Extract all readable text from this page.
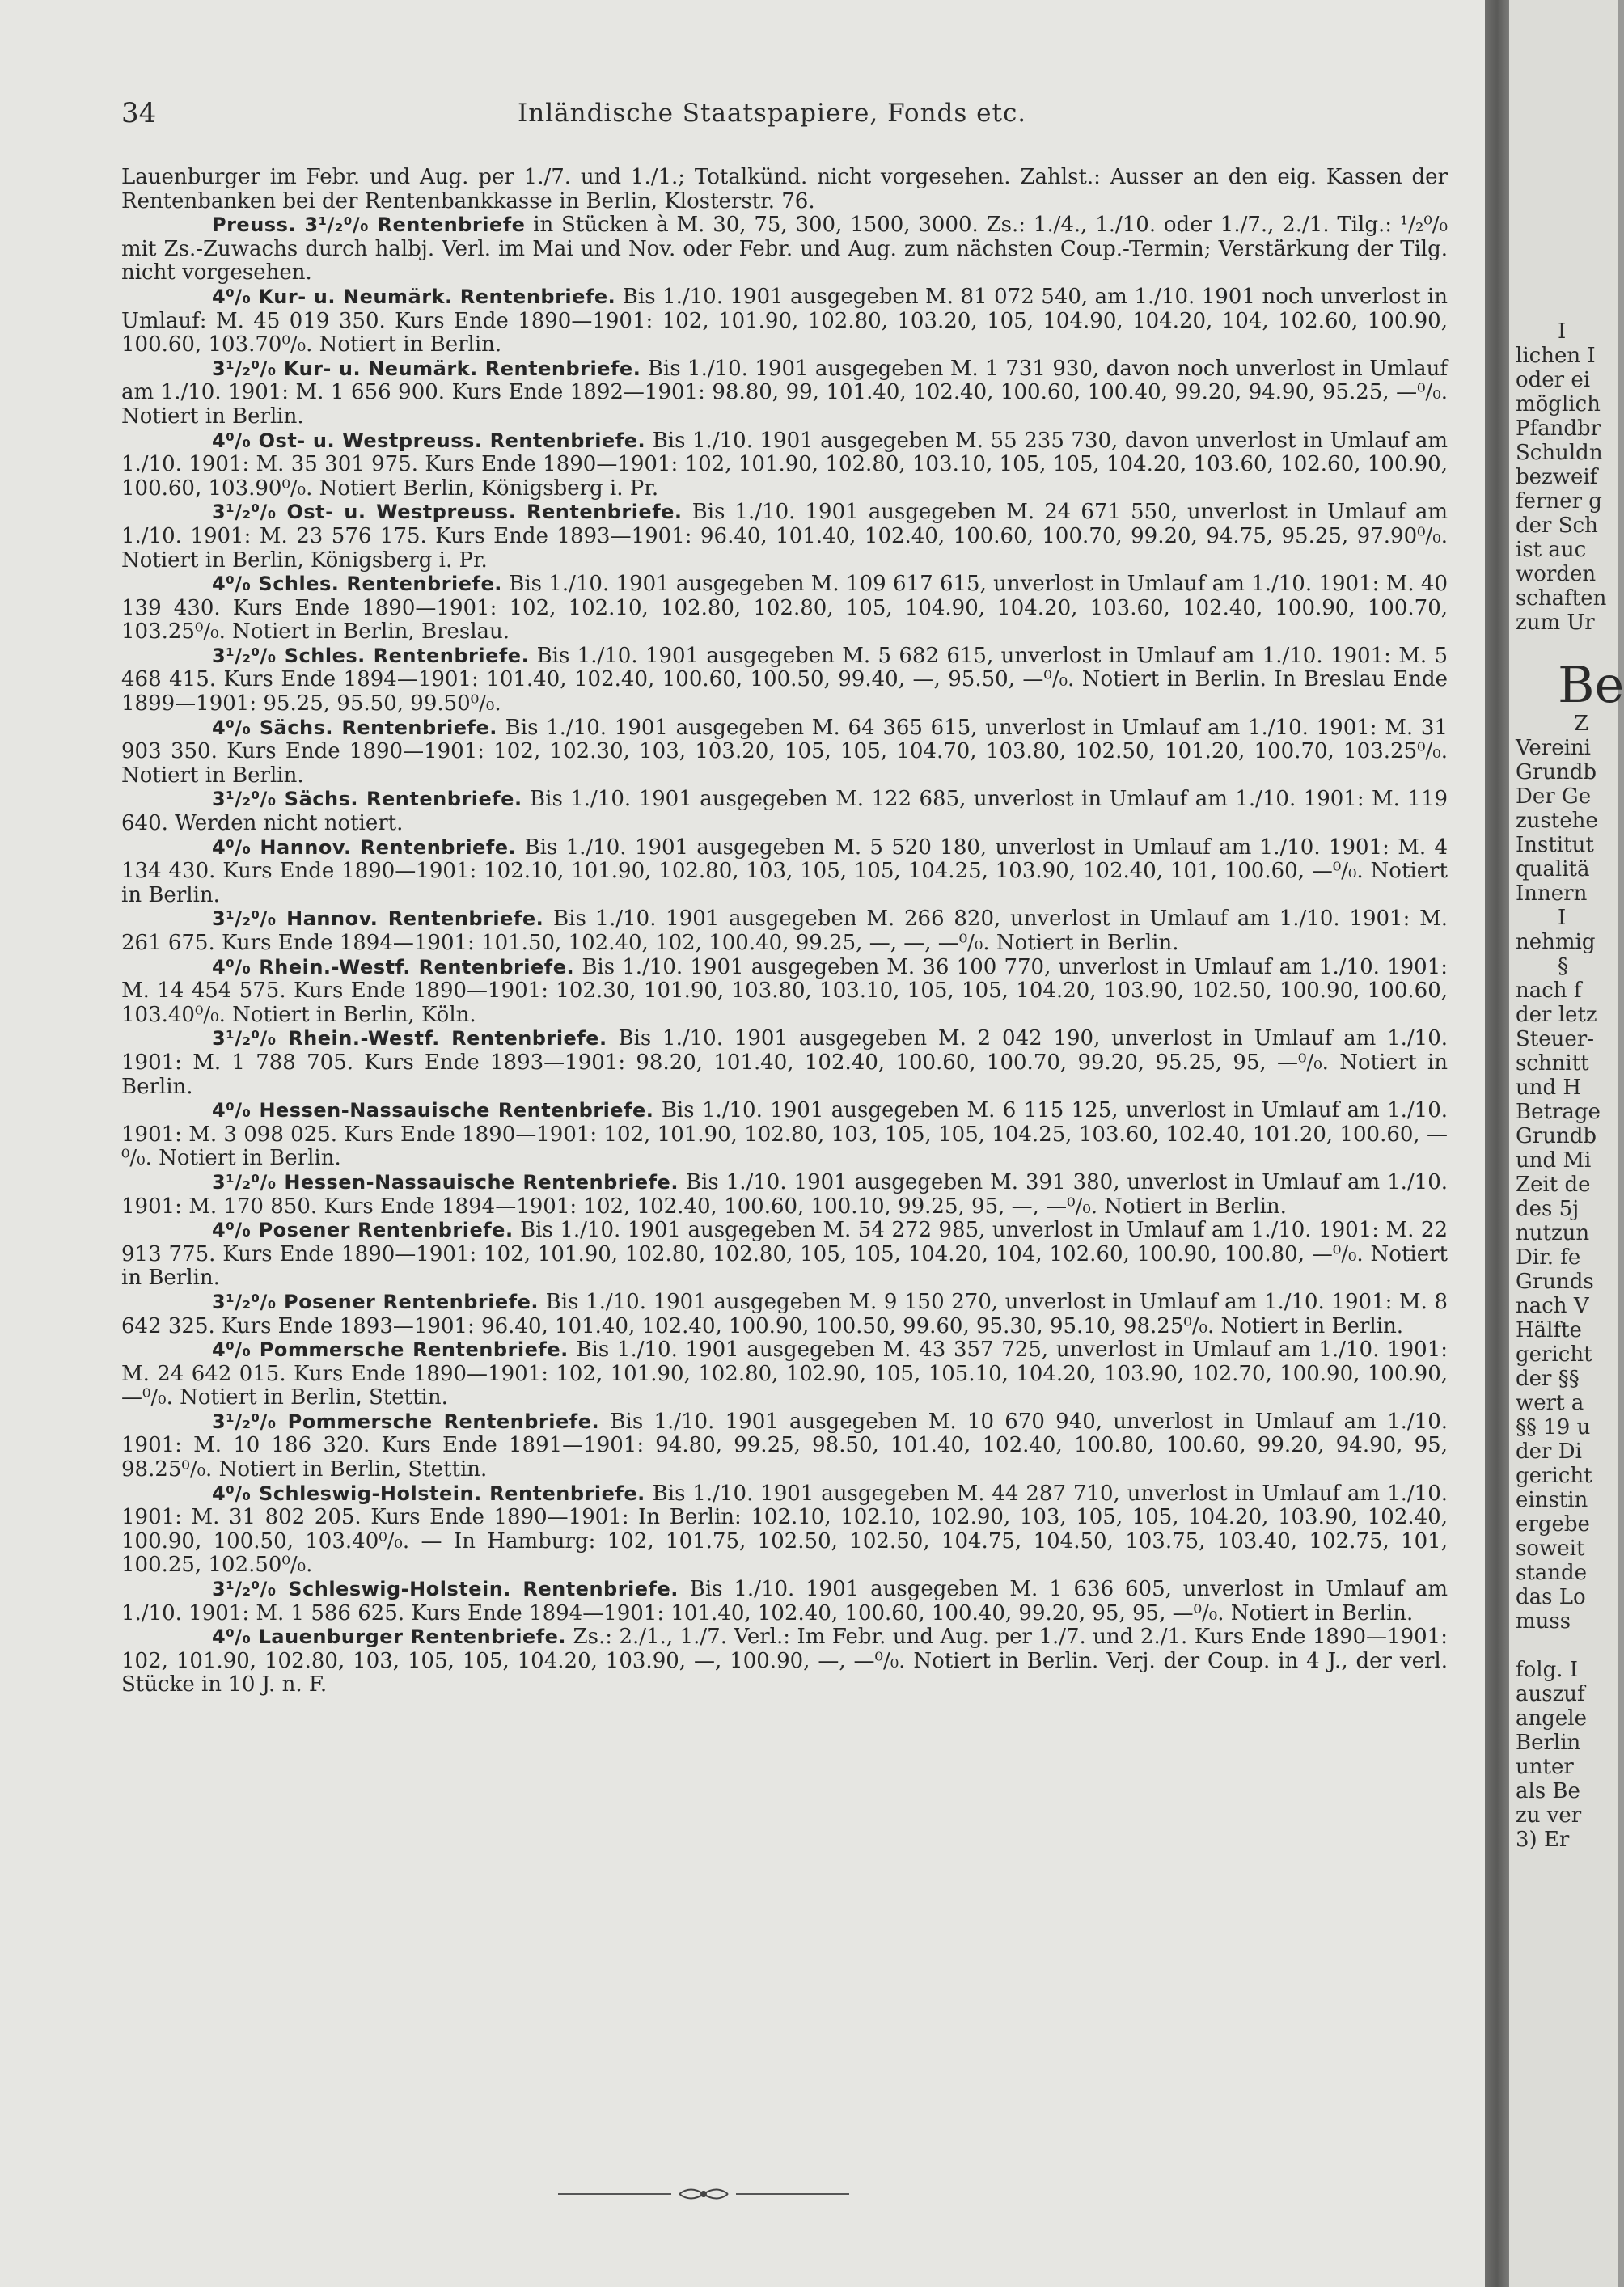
34	Inländische Staatspapiere, Fonds etc.

Lauenburger im Febr. und Aug. per 1./7. und 1./1.; Totalkünd. nicht vorgesehen. Zahlst.: Ausser an den eig. Kassen der Rentenbanken bei der Rentenbankkasse in Berlin, Klosterstr. 76.

Preuss. 3¹/₂⁰/₀ Rentenbriefe in Stücken à M. 30, 75, 300, 1500, 3000. Zs.: 1./4., 1./10. oder 1./7., 2./1. Tilg.: ¹/₂⁰/₀ mit Zs.-Zuwachs durch halbj. Verl. im Mai und Nov. oder Febr. und Aug. zum nächsten Coup.-Termin; Verstärkung der Tilg. nicht vorgesehen.

4⁰/₀ Kur- u. Neumärk. Rentenbriefe. Bis 1./10. 1901 ausgegeben M. 81 072 540, am 1./10. 1901 noch unverlost in Umlauf: M. 45 019 350. Kurs Ende 1890—1901: 102, 101.90, 102.80, 103.20, 105, 104.90, 104.20, 104, 102.60, 100.90, 100.60, 103.70⁰/₀. Notiert in Berlin.

3¹/₂⁰/₀ Kur- u. Neumärk. Rentenbriefe. Bis 1./10. 1901 ausgegeben M. 1 731 930, davon noch unverlost in Umlauf am 1./10. 1901: M. 1 656 900. Kurs Ende 1892—1901: 98.80, 99, 101.40, 102.40, 100.60, 100.40, 99.20, 94.90, 95.25, —⁰/₀. Notiert in Berlin.

4⁰/₀ Ost- u. Westpreuss. Rentenbriefe. Bis 1./10. 1901 ausgegeben M. 55 235 730, davon unverlost in Umlauf am 1./10. 1901: M. 35 301 975. Kurs Ende 1890—1901: 102, 101.90, 102.80, 103.10, 105, 105, 104.20, 103.60, 102.60, 100.90, 100.60, 103.90⁰/₀. Notiert Berlin, Königsberg i. Pr.

3¹/₂⁰/₀ Ost- u. Westpreuss. Rentenbriefe. Bis 1./10. 1901 ausgegeben M. 24 671 550, unverlost in Umlauf am 1./10. 1901: M. 23 576 175. Kurs Ende 1893—1901: 96.40, 101.40, 102.40, 100.60, 100.70, 99.20, 94.75, 95.25, 97.90⁰/₀. Notiert in Berlin, Königsberg i. Pr.

4⁰/₀ Schles. Rentenbriefe. Bis 1./10. 1901 ausgegeben M. 109 617 615, unverlost in Umlauf am 1./10. 1901: M. 40 139 430. Kurs Ende 1890—1901: 102, 102.10, 102.80, 102.80, 105, 104.90, 104.20, 103.60, 102.40, 100.90, 100.70, 103.25⁰/₀. Notiert in Berlin, Breslau.

3¹/₂⁰/₀ Schles. Rentenbriefe. Bis 1./10. 1901 ausgegeben M. 5 682 615, unverlost in Umlauf am 1./10. 1901: M. 5 468 415. Kurs Ende 1894—1901: 101.40, 102.40, 100.60, 100.50, 99.40, —, 95.50, —⁰/₀. Notiert in Berlin. In Breslau Ende 1899—1901: 95.25, 95.50, 99.50⁰/₀.

4⁰/₀ Sächs. Rentenbriefe. Bis 1./10. 1901 ausgegeben M. 64 365 615, unverlost in Umlauf am 1./10. 1901: M. 31 903 350. Kurs Ende 1890—1901: 102, 102.30, 103, 103.20, 105, 105, 104.70, 103.80, 102.50, 101.20, 100.70, 103.25⁰/₀. Notiert in Berlin.

3¹/₂⁰/₀ Sächs. Rentenbriefe. Bis 1./10. 1901 ausgegeben M. 122 685, unverlost in Umlauf am 1./10. 1901: M. 119 640. Werden nicht notiert.

4⁰/₀ Hannov. Rentenbriefe. Bis 1./10. 1901 ausgegeben M. 5 520 180, unverlost in Umlauf am 1./10. 1901: M. 4 134 430. Kurs Ende 1890—1901: 102.10, 101.90, 102.80, 103, 105, 105, 104.25, 103.90, 102.40, 101, 100.60, —⁰/₀. Notiert in Berlin.

3¹/₂⁰/₀ Hannov. Rentenbriefe. Bis 1./10. 1901 ausgegeben M. 266 820, unverlost in Umlauf am 1./10. 1901: M. 261 675. Kurs Ende 1894—1901: 101.50, 102.40, 102, 100.40, 99.25, —, —, —⁰/₀. Notiert in Berlin.

4⁰/₀ Rhein.-Westf. Rentenbriefe. Bis 1./10. 1901 ausgegeben M. 36 100 770, unverlost in Umlauf am 1./10. 1901: M. 14 454 575. Kurs Ende 1890—1901: 102.30, 101.90, 103.80, 103.10, 105, 105, 104.20, 103.90, 102.50, 100.90, 100.60, 103.40⁰/₀. Notiert in Berlin, Köln.

3¹/₂⁰/₀ Rhein.-Westf. Rentenbriefe. Bis 1./10. 1901 ausgegeben M. 2 042 190, unverlost in Umlauf am 1./10. 1901: M. 1 788 705. Kurs Ende 1893—1901: 98.20, 101.40, 102.40, 100.60, 100.70, 99.20, 95.25, 95, —⁰/₀. Notiert in Berlin.

4⁰/₀ Hessen-Nassauische Rentenbriefe. Bis 1./10. 1901 ausgegeben M. 6 115 125, unverlost in Umlauf am 1./10. 1901: M. 3 098 025. Kurs Ende 1890—1901: 102, 101.90, 102.80, 103, 105, 105, 104.25, 103.60, 102.40, 101.20, 100.60, —⁰/₀. Notiert in Berlin.

3¹/₂⁰/₀ Hessen-Nassauische Rentenbriefe. Bis 1./10. 1901 ausgegeben M. 391 380, unverlost in Umlauf am 1./10. 1901: M. 170 850. Kurs Ende 1894—1901: 102, 102.40, 100.60, 100.10, 99.25, 95, —, —⁰/₀. Notiert in Berlin.

4⁰/₀ Posener Rentenbriefe. Bis 1./10. 1901 ausgegeben M. 54 272 985, unverlost in Umlauf am 1./10. 1901: M. 22 913 775. Kurs Ende 1890—1901: 102, 101.90, 102.80, 102.80, 105, 105, 104.20, 104, 102.60, 100.90, 100.80, —⁰/₀. Notiert in Berlin.

3¹/₂⁰/₀ Posener Rentenbriefe. Bis 1./10. 1901 ausgegeben M. 9 150 270, unverlost in Umlauf am 1./10. 1901: M. 8 642 325. Kurs Ende 1893—1901: 96.40, 101.40, 102.40, 100.90, 100.50, 99.60, 95.30, 95.10, 98.25⁰/₀. Notiert in Berlin.

4⁰/₀ Pommersche Rentenbriefe. Bis 1./10. 1901 ausgegeben M. 43 357 725, unverlost in Umlauf am 1./10. 1901: M. 24 642 015. Kurs Ende 1890—1901: 102, 101.90, 102.80, 102.90, 105, 105.10, 104.20, 103.90, 102.70, 100.90, 100.90, —⁰/₀. Notiert in Berlin, Stettin.

3¹/₂⁰/₀ Pommersche Rentenbriefe. Bis 1./10. 1901 ausgegeben M. 10 670 940, unverlost in Umlauf am 1./10. 1901: M. 10 186 320. Kurs Ende 1891—1901: 94.80, 99.25, 98.50, 101.40, 102.40, 100.80, 100.60, 99.20, 94.90, 95, 98.25⁰/₀. Notiert in Berlin, Stettin.

4⁰/₀ Schleswig-Holstein. Rentenbriefe. Bis 1./10. 1901 ausgegeben M. 44 287 710, unverlost in Umlauf am 1./10. 1901: M. 31 802 205. Kurs Ende 1890—1901: In Berlin: 102.10, 102.10, 102.90, 103, 105, 105, 104.20, 103.90, 102.40, 100.90, 100.50, 103.40⁰/₀. — In Hamburg: 102, 101.75, 102.50, 102.50, 104.75, 104.50, 103.75, 103.40, 102.75, 101, 100.25, 102.50⁰/₀.

3¹/₂⁰/₀ Schleswig-Holstein. Rentenbriefe. Bis 1./10. 1901 ausgegeben M. 1 636 605, unverlost in Umlauf am 1./10. 1901: M. 1 586 625. Kurs Ende 1894—1901: 101.40, 102.40, 100.60, 100.40, 99.20, 95, 95, —⁰/₀. Notiert in Berlin.

4⁰/₀ Lauenburger Rentenbriefe. Zs.: 2./1., 1./7. Verl.: Im Febr. und Aug. per 1./7. und 2./1. Kurs Ende 1890—1901: 102, 101.90, 102.80, 103, 105, 105, 104.20, 103.90, —, 100.90, —, —⁰/₀. Notiert in Berlin. Verj. der Coup. in 4 J., der verl. Stücke in 10 J. n. F.

I
lichen I
oder ei
möglich
Pfandbr
Schuldn
bezweif
ferner g
der Sch
ist auc
worden
schaften
zum Ur
Be
Z
Vereini
Grundb
Der Ge
zustehe
Institut
qualitä
Innern
I
nehmig
§
nach f
der letz
Steuer-
schnitt
und H
Betrage
Grundb
und Mi
Zeit de
des 5j
nutzun
Dir. fe
Grunds
nach V
Hälfte
gericht
der §§
wert a
§§ 19 u
der Di
gericht
einstin
ergebe
soweit
stande
das Lo
muss
folg. I
auszuf
angele
Berlin
unter
als Be
zu ver
3) Er
